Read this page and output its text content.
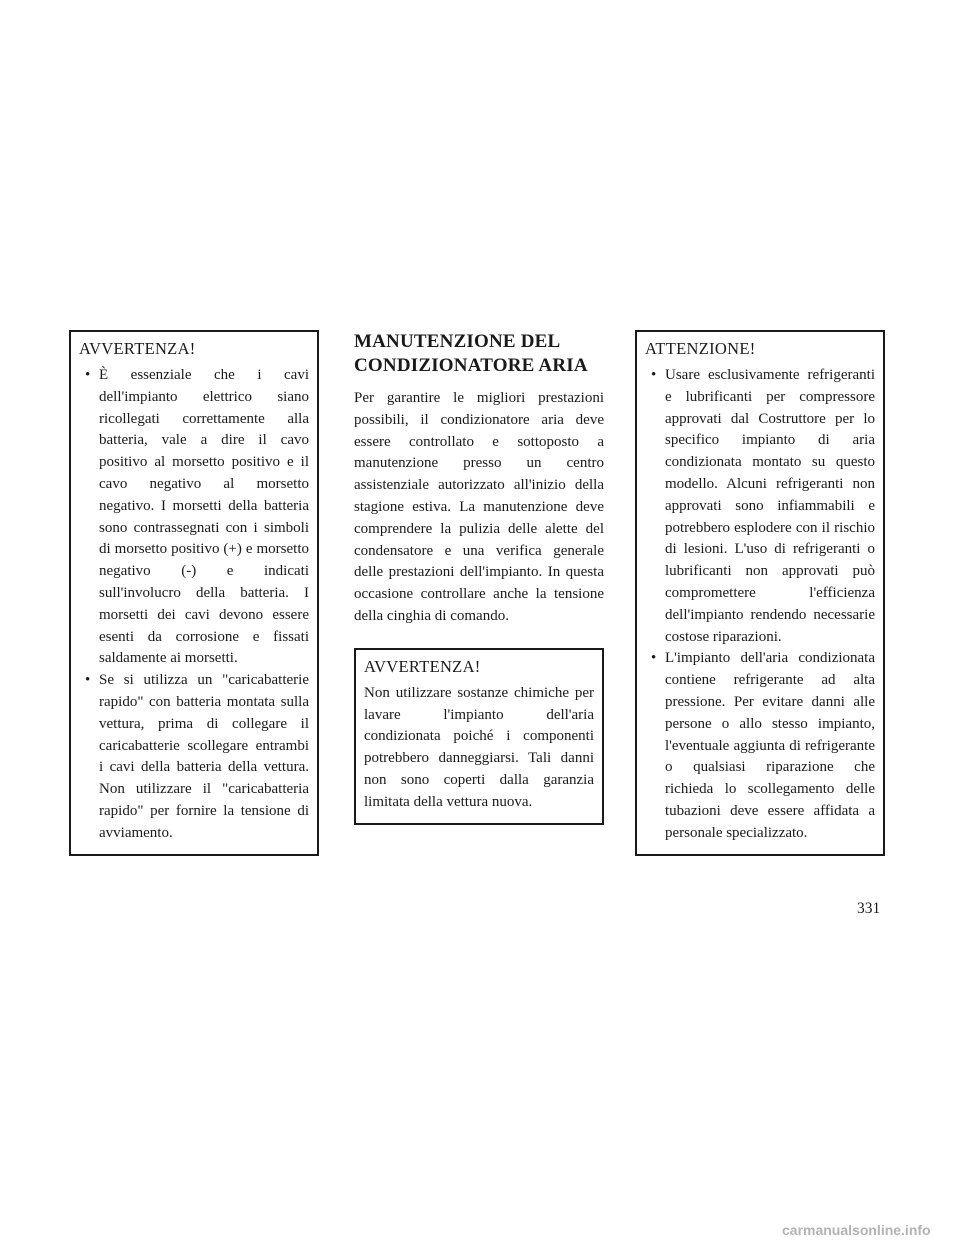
AVVERTENZA!
• È essenziale che i cavi dell'impianto elettrico siano ricollegati correttamente alla batteria, vale a dire il cavo positivo al morsetto positivo e il cavo negativo al morsetto negativo. I morsetti della batteria sono contrassegnati con i simboli di morsetto positivo (+) e morsetto negativo (-) e indicati sull'involucro della batteria. I morsetti dei cavi devono essere esenti da corrosione e fissati saldamente ai morsetti.
• Se si utilizza un "caricabatterie rapido" con batteria montata sulla vettura, prima di collegare il caricabatterie scollegare entrambi i cavi della batteria della vettura. Non utilizzare il "caricabatteria rapido" per fornire la tensione di avviamento.
MANUTENZIONE DEL
CONDIZIONATORE ARIA

Per garantire le migliori prestazioni possibili, il condizionatore aria deve essere controllato e sottoposto a manutenzione presso un centro assistenziale autorizzato all'inizio della stagione estiva. La manutenzione deve comprendere la pulizia delle alette del condensatore e una verifica generale delle prestazioni dell'impianto. In questa occasione controllare anche la tensione della cinghia di comando.

AVVERTENZA!
Non utilizzare sostanze chimiche per lavare l'impianto dell'aria condizionata poiché i componenti potrebbero danneggiarsi. Tali danni non sono coperti dalla garanzia limitata della vettura nuova.
ATTENZIONE!
• Usare esclusivamente refrigeranti e lubrificanti per compressore approvati dal Costruttore per lo specifico impianto di aria condizionata montato su questo modello. Alcuni refrigeranti non approvati sono infiammabili e potrebbero esplodere con il rischio di lesioni. L'uso di refrigeranti o lubrificanti non approvati può compromettere l'efficienza dell'impianto rendendo necessarie costose riparazioni.
• L'impianto dell'aria condizionata contiene refrigerante ad alta pressione. Per evitare danni alle persone o allo stesso impianto, l'eventuale aggiunta di refrigerante o qualsiasi riparazione che richieda lo scollegamento delle tubazioni deve essere affidata a personale specializzato.
331
carmanualsonline.info
